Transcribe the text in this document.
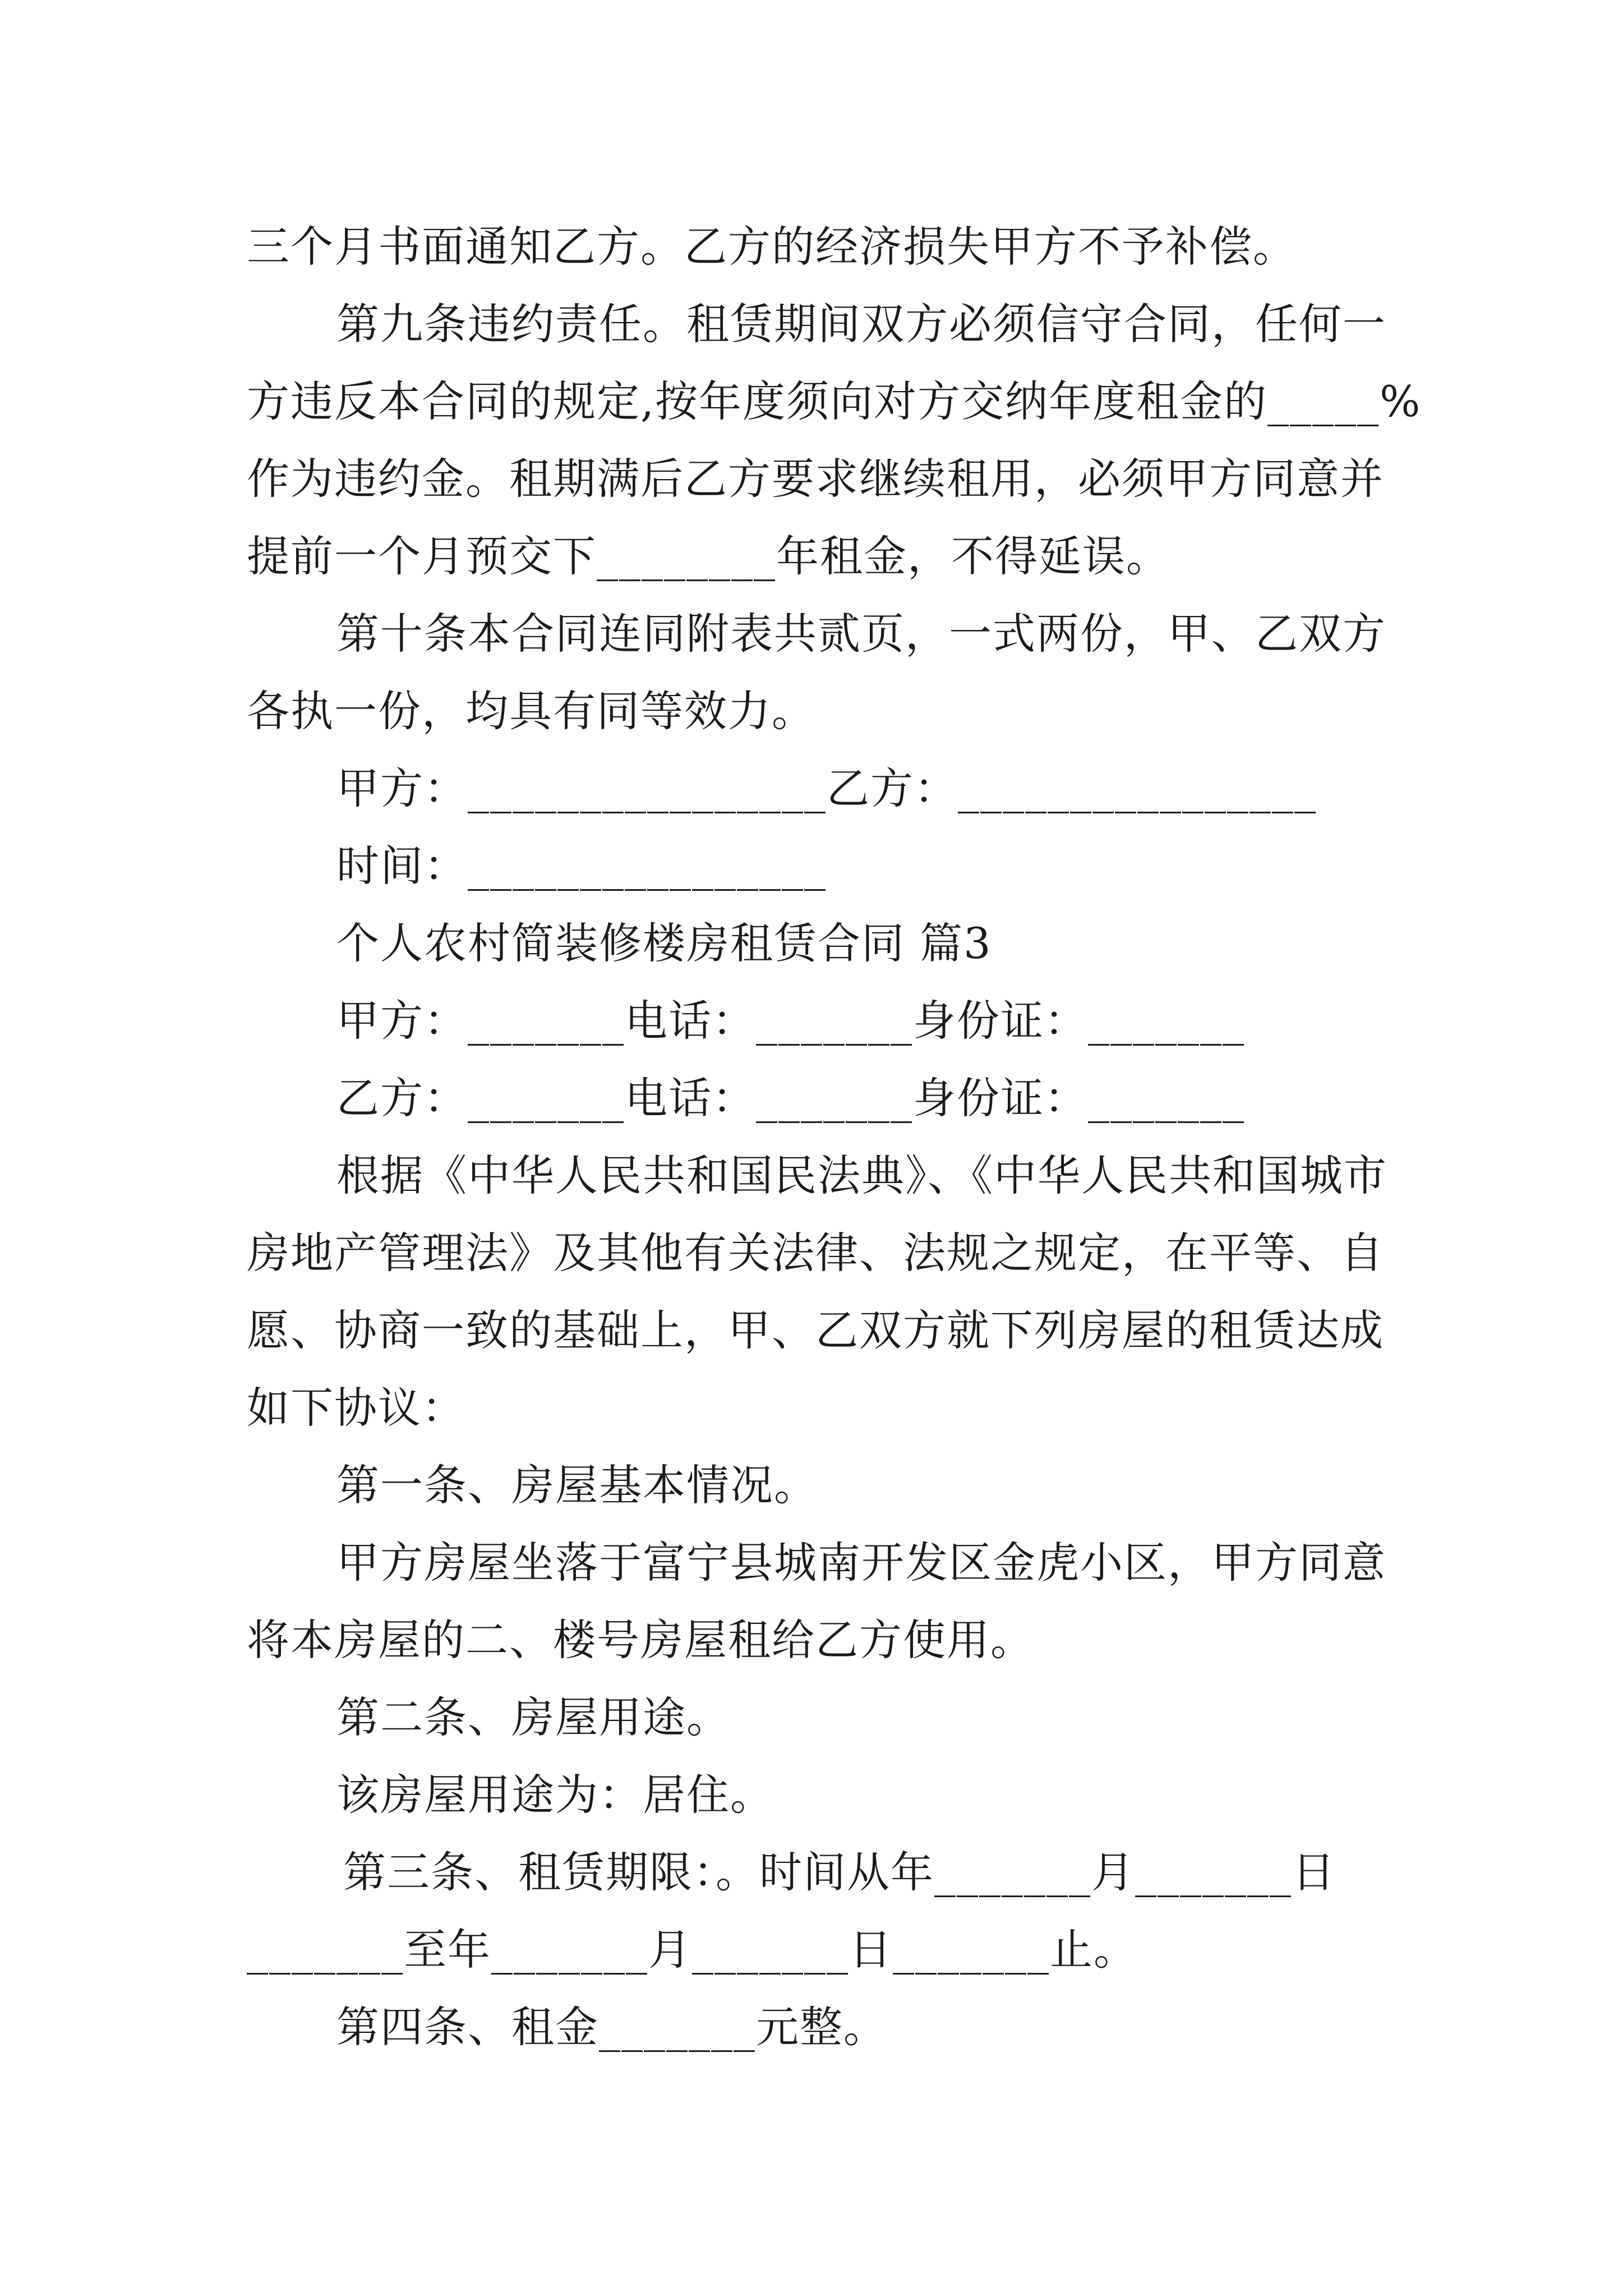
三个月书面通知乙方。乙方的经济损失甲方不予补偿。
第九条违约责任。租赁期间双方必须信守合同，任何一
方违反本合同的规定,按年度须向对方交纳年度租金的_____%
作为违约金。租期满后乙方要求继续租用，必须甲方同意并
提前一个月预交下________年租金，不得延误。
第十条本合同连同附表共贰页，一式两份，甲、乙双方
各执一份，均具有同等效力。
甲方：________________乙方：________________
时间：________________
个人农村简装修楼房租赁合同 篇3
甲方：_______电话：_______身份证：_______
乙方：_______电话：_______身份证：_______
根据《中华人民共和国民法典》、《中华人民共和国城市
房地产管理法》及其他有关法律、法规之规定，在平等、自
愿、协商一致的基础上，甲、乙双方就下列房屋的租赁达成
如下协议：
第一条、房屋基本情况。
甲方房屋坐落于富宁县城南开发区金虎小区，甲方同意
将本房屋的二、楼号房屋租给乙方使用。
第二条、房屋用途。
该房屋用途为：居住。
第三条、租赁期限：。时间从年_______月_______日
_______至年_______月_______日_______止。
第四条、租金_______元整。
